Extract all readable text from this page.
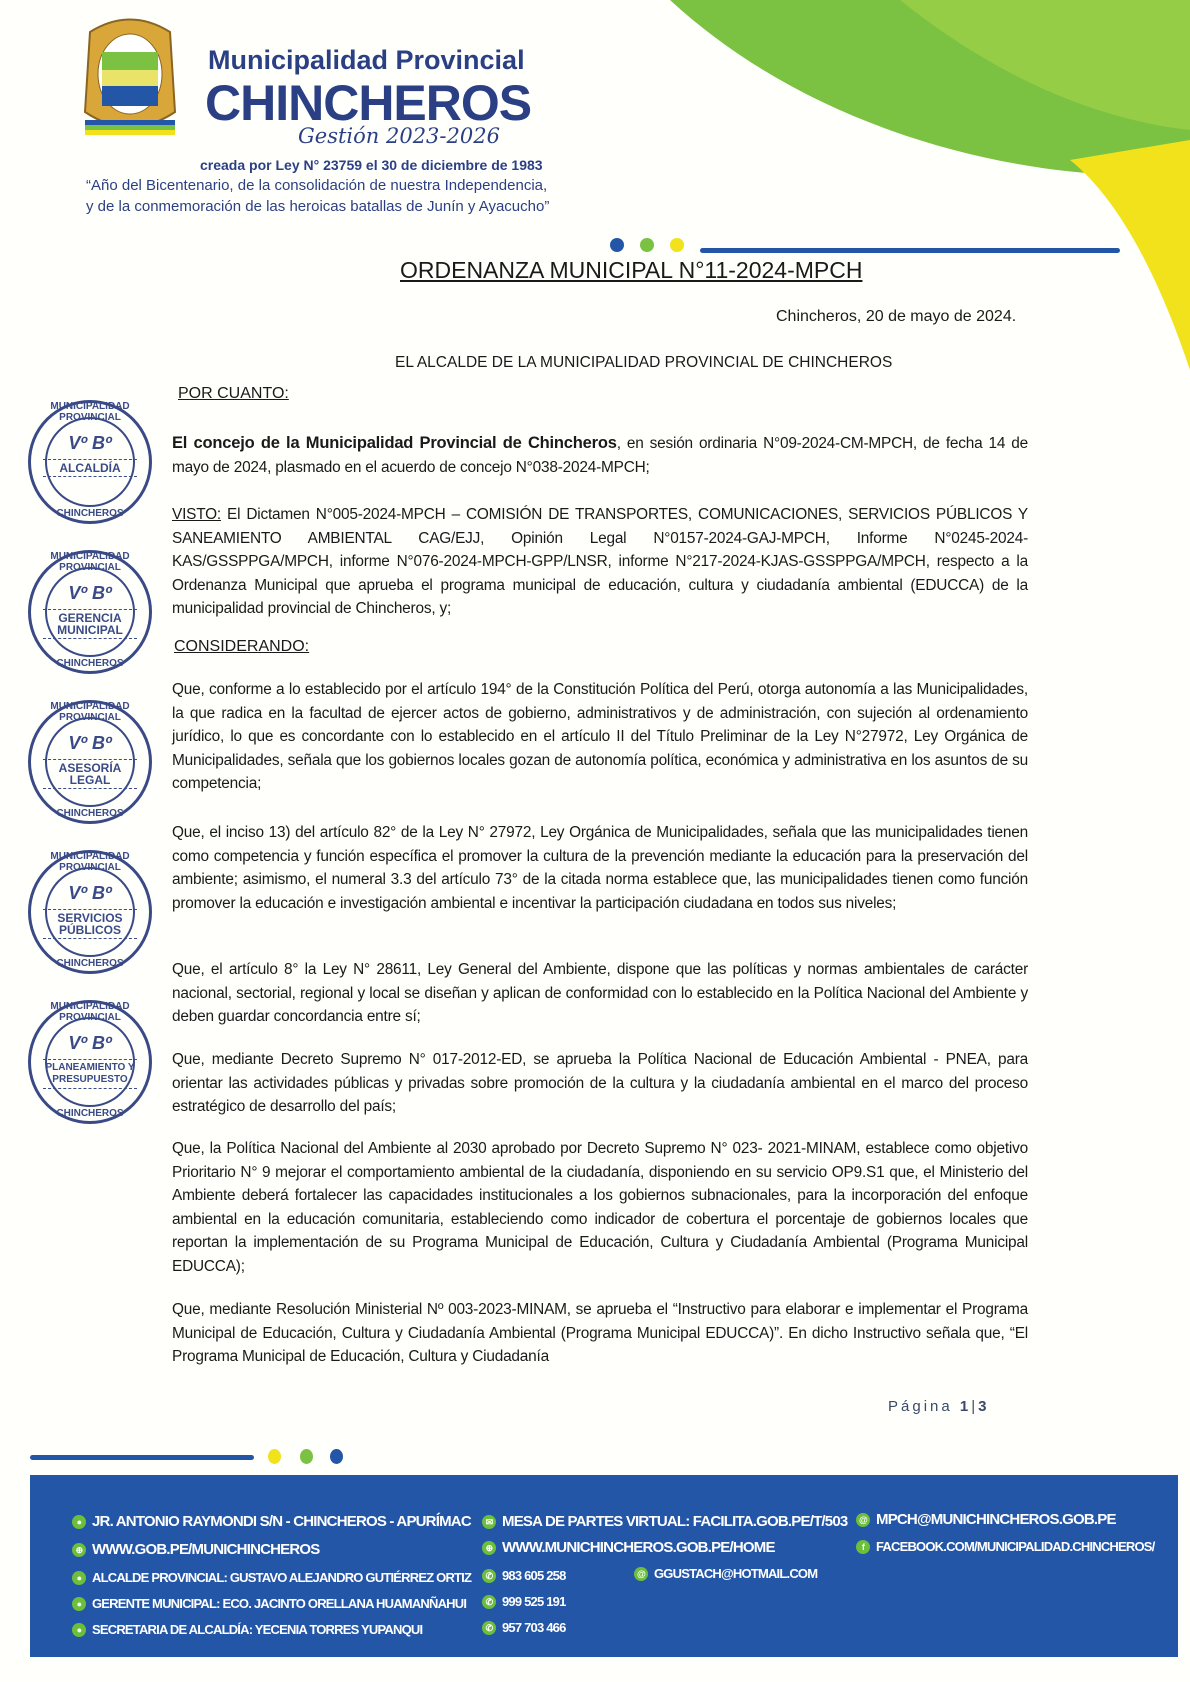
Municipalidad Provincial
CHINCHEROS
Gestión 2023-2026
creada por Ley N° 23759 el 30 de diciembre de 1983
“Año del Bicentenario, de la consolidación de nuestra Independencia,
y de la conmemoración de las heroicas batallas de Junín y Ayacucho”
ORDENANZA MUNICIPAL N°11-2024-MPCH
Chincheros, 20 de mayo de 2024.
EL ALCALDE DE LA MUNICIPALIDAD PROVINCIAL DE CHINCHEROS
POR CUANTO:
El concejo de la Municipalidad Provincial de Chincheros, en sesión ordinaria N°09-2024-CM-MPCH, de fecha 14 de mayo de 2024, plasmado en el acuerdo de concejo N°038-2024-MPCH;
VISTO: El Dictamen N°005-2024-MPCH – COMISIÓN DE TRANSPORTES, COMUNICACIONES, SERVICIOS PÚBLICOS Y SANEAMIENTO AMBIENTAL CAG/EJJ, Opinión Legal N°0157-2024-GAJ-MPCH, Informe N°0245-2024-KAS/GSSPPGA/MPCH, informe N°076-2024-MPCH-GPP/LNSR, informe N°217-2024-KJAS-GSSPPGA/MPCH, respecto a la Ordenanza Municipal que aprueba el programa municipal de educación, cultura y ciudadanía ambiental (EDUCCA) de la municipalidad provincial de Chincheros, y;
CONSIDERANDO:
Que, conforme a lo establecido por el artículo 194° de la Constitución Política del Perú, otorga autonomía a las Municipalidades, la que radica en la facultad de ejercer actos de gobierno, administrativos y de administración, con sujeción al ordenamiento jurídico, lo que es concordante con lo establecido en el artículo II del Título Preliminar de la Ley N°27972, Ley Orgánica de Municipalidades, señala que los gobiernos locales gozan de autonomía política, económica y administrativa en los asuntos de su competencia;
Que, el inciso 13) del artículo 82° de la Ley N° 27972, Ley Orgánica de Municipalidades, señala que las municipalidades tienen como competencia y función específica el promover la cultura de la prevención mediante la educación para la preservación del ambiente; asimismo, el numeral 3.3 del artículo 73° de la citada norma establece que, las municipalidades tienen como función promover la educación e investigación ambiental e incentivar la participación ciudadana en todos sus niveles;
Que, el artículo 8° la Ley N° 28611, Ley General del Ambiente, dispone que las políticas y normas ambientales de carácter nacional, sectorial, regional y local se diseñan y aplican de conformidad con lo establecido en la Política Nacional del Ambiente y deben guardar concordancia entre sí;
Que, mediante Decreto Supremo N° 017-2012-ED, se aprueba la Política Nacional de Educación Ambiental - PNEA, para orientar las actividades públicas y privadas sobre promoción de la cultura y la ciudadanía ambiental en el marco del proceso estratégico de desarrollo del país;
Que, la Política Nacional del Ambiente al 2030 aprobado por Decreto Supremo N° 023- 2021-MINAM, establece como objetivo Prioritario N° 9 mejorar el comportamiento ambiental de la ciudadanía, disponiendo en su servicio OP9.S1 que, el Ministerio del Ambiente deberá fortalecer las capacidades institucionales a los gobiernos subnacionales, para la incorporación del enfoque ambiental en la educación comunitaria, estableciendo como indicador de cobertura el porcentaje de gobiernos locales que reportan la implementación de su Programa Municipal de Educación, Cultura y Ciudadanía Ambiental (Programa Municipal EDUCCA);
Que, mediante Resolución Ministerial Nº 003-2023-MINAM, se aprueba el “Instructivo para elaborar e implementar el Programa Municipal de Educación, Cultura y Ciudadanía Ambiental (Programa Municipal EDUCCA)”. En dicho Instructivo señala que, “El Programa Municipal de Educación, Cultura y Ciudadanía
Página 1|3
MUNICIPALIDAD PROVINCIAL
Vº Bº
ALCALDÍA
CHINCHEROS
MUNICIPALIDAD PROVINCIAL
Vº Bº
GERENCIA MUNICIPAL
CHINCHEROS
MUNICIPALIDAD PROVINCIAL
Vº Bº
ASESORÍA LEGAL
CHINCHEROS
MUNICIPALIDAD PROVINCIAL
Vº Bº
SERVICIOS PÚBLICOS
CHINCHEROS
MUNICIPALIDAD PROVINCIAL
Vº Bº
PLANEAMIENTO Y PRESUPUESTO
CHINCHEROS
● JR. ANTONIO RAYMONDI S/N - CHINCHEROS - APURÍMAC	✉ MESA DE PARTES VIRTUAL: FACILITA.GOB.PE/T/503	@ MPCH@MUNICHINCHEROS.GOB.PE
⊕ WWW.GOB.PE/MUNICHINCHEROS	⊕ WWW.MUNICHINCHEROS.GOB.PE/HOME	f FACEBOOK.COM/MUNICIPALIDAD.CHINCHEROS/
● ALCALDE PROVINCIAL: GUSTAVO ALEJANDRO GUTIÉRREZ ORTIZ
● GERENTE MUNICIPAL: ECO. JACINTO ORELLANA HUAMANÑAHUI
● SECRETARIA DE ALCALDÍA: YECENIA TORRES YUPANQUI
✆ 983 605 258	@ GGUSTACH@HOTMAIL.COM
✆ 999 525 191
✆ 957 703 466
